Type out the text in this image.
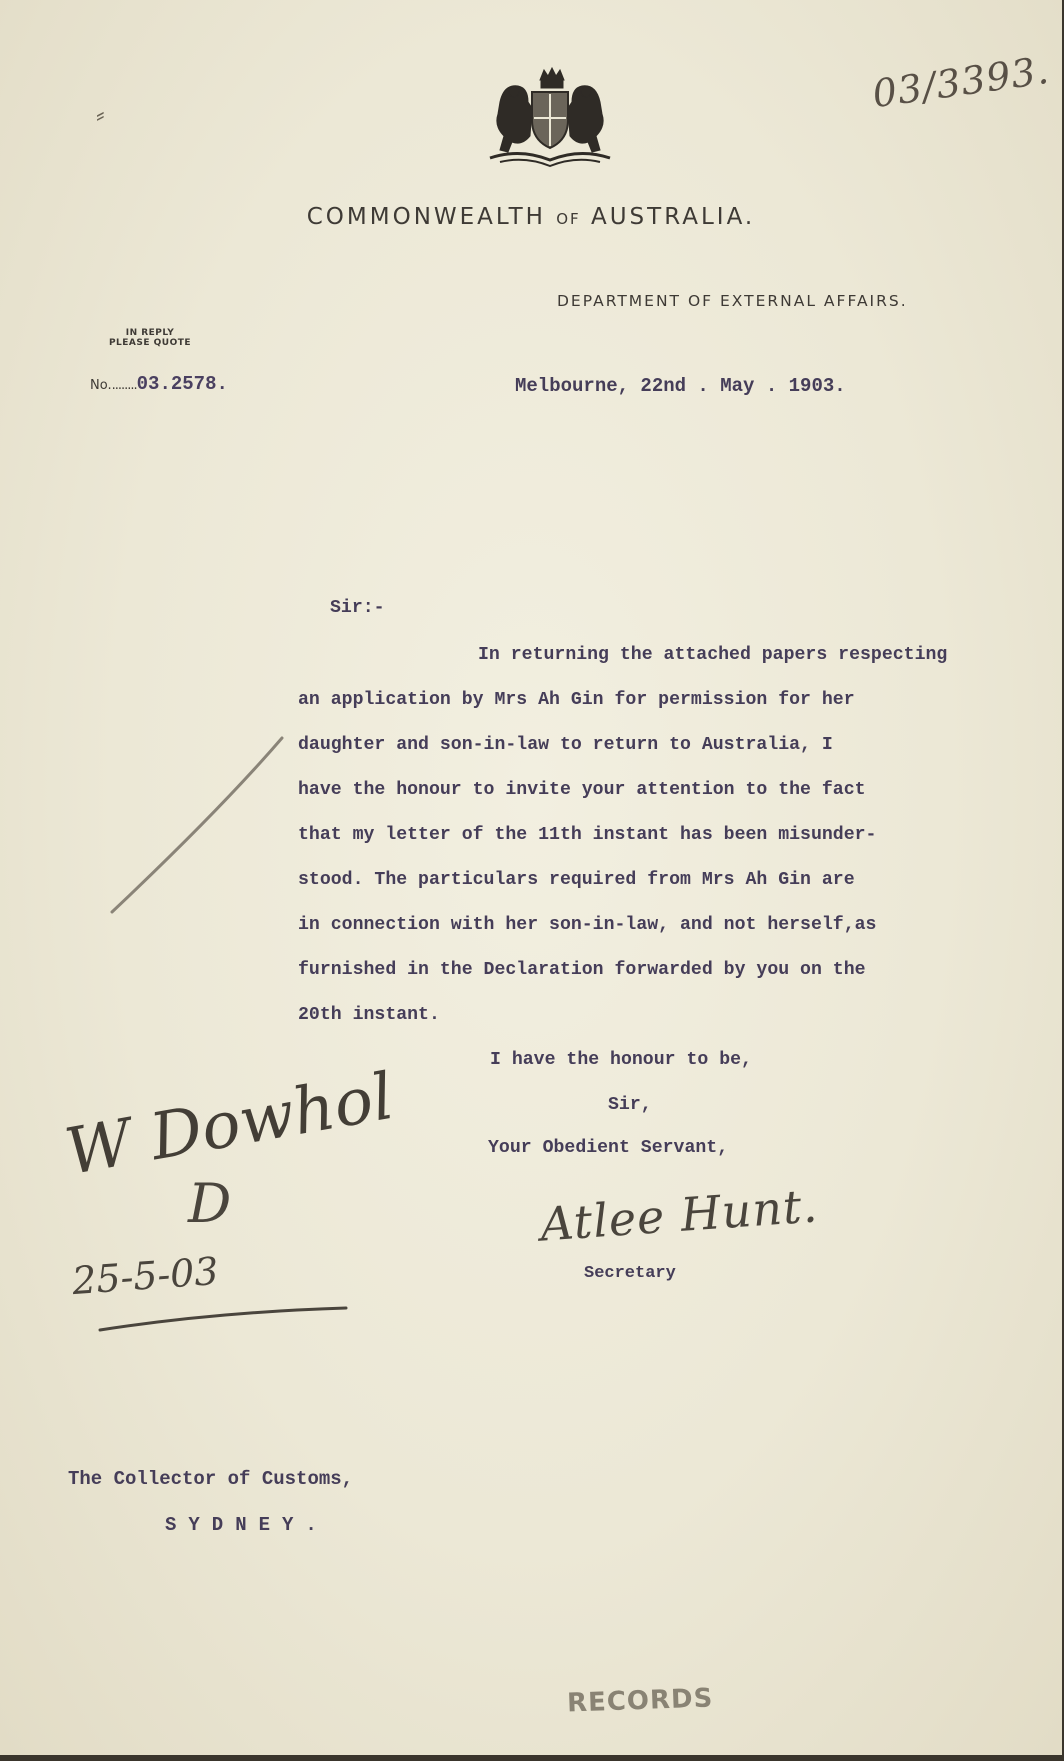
03/3393.
⸗
COMMONWEALTH OF AUSTRALIA.
DEPARTMENT OF EXTERNAL AFFAIRS.
IN REPLY
PLEASE QUOTE
No.........03.2578.	Melbourne, 22nd . May . 1903.
Sir:-
In returning the attached papers respecting
an application by Mrs Ah Gin for permission for her
daughter and son-in-law to return to Australia, I
have the honour to invite your attention to the fact
that my letter of the 11th instant has been misunder-
stood. The particulars required from Mrs Ah Gin are
in connection with her son-in-law, and not herself,as
furnished in the Declaration forwarded by you on the
20th instant.
I have the honour to be,
Sir,
Your Obedient Servant,
Atlee Hunt.
Secretary
W Dowhol
D
25-5-03
The Collector of Customs,
SYDNEY.
RECORDS
